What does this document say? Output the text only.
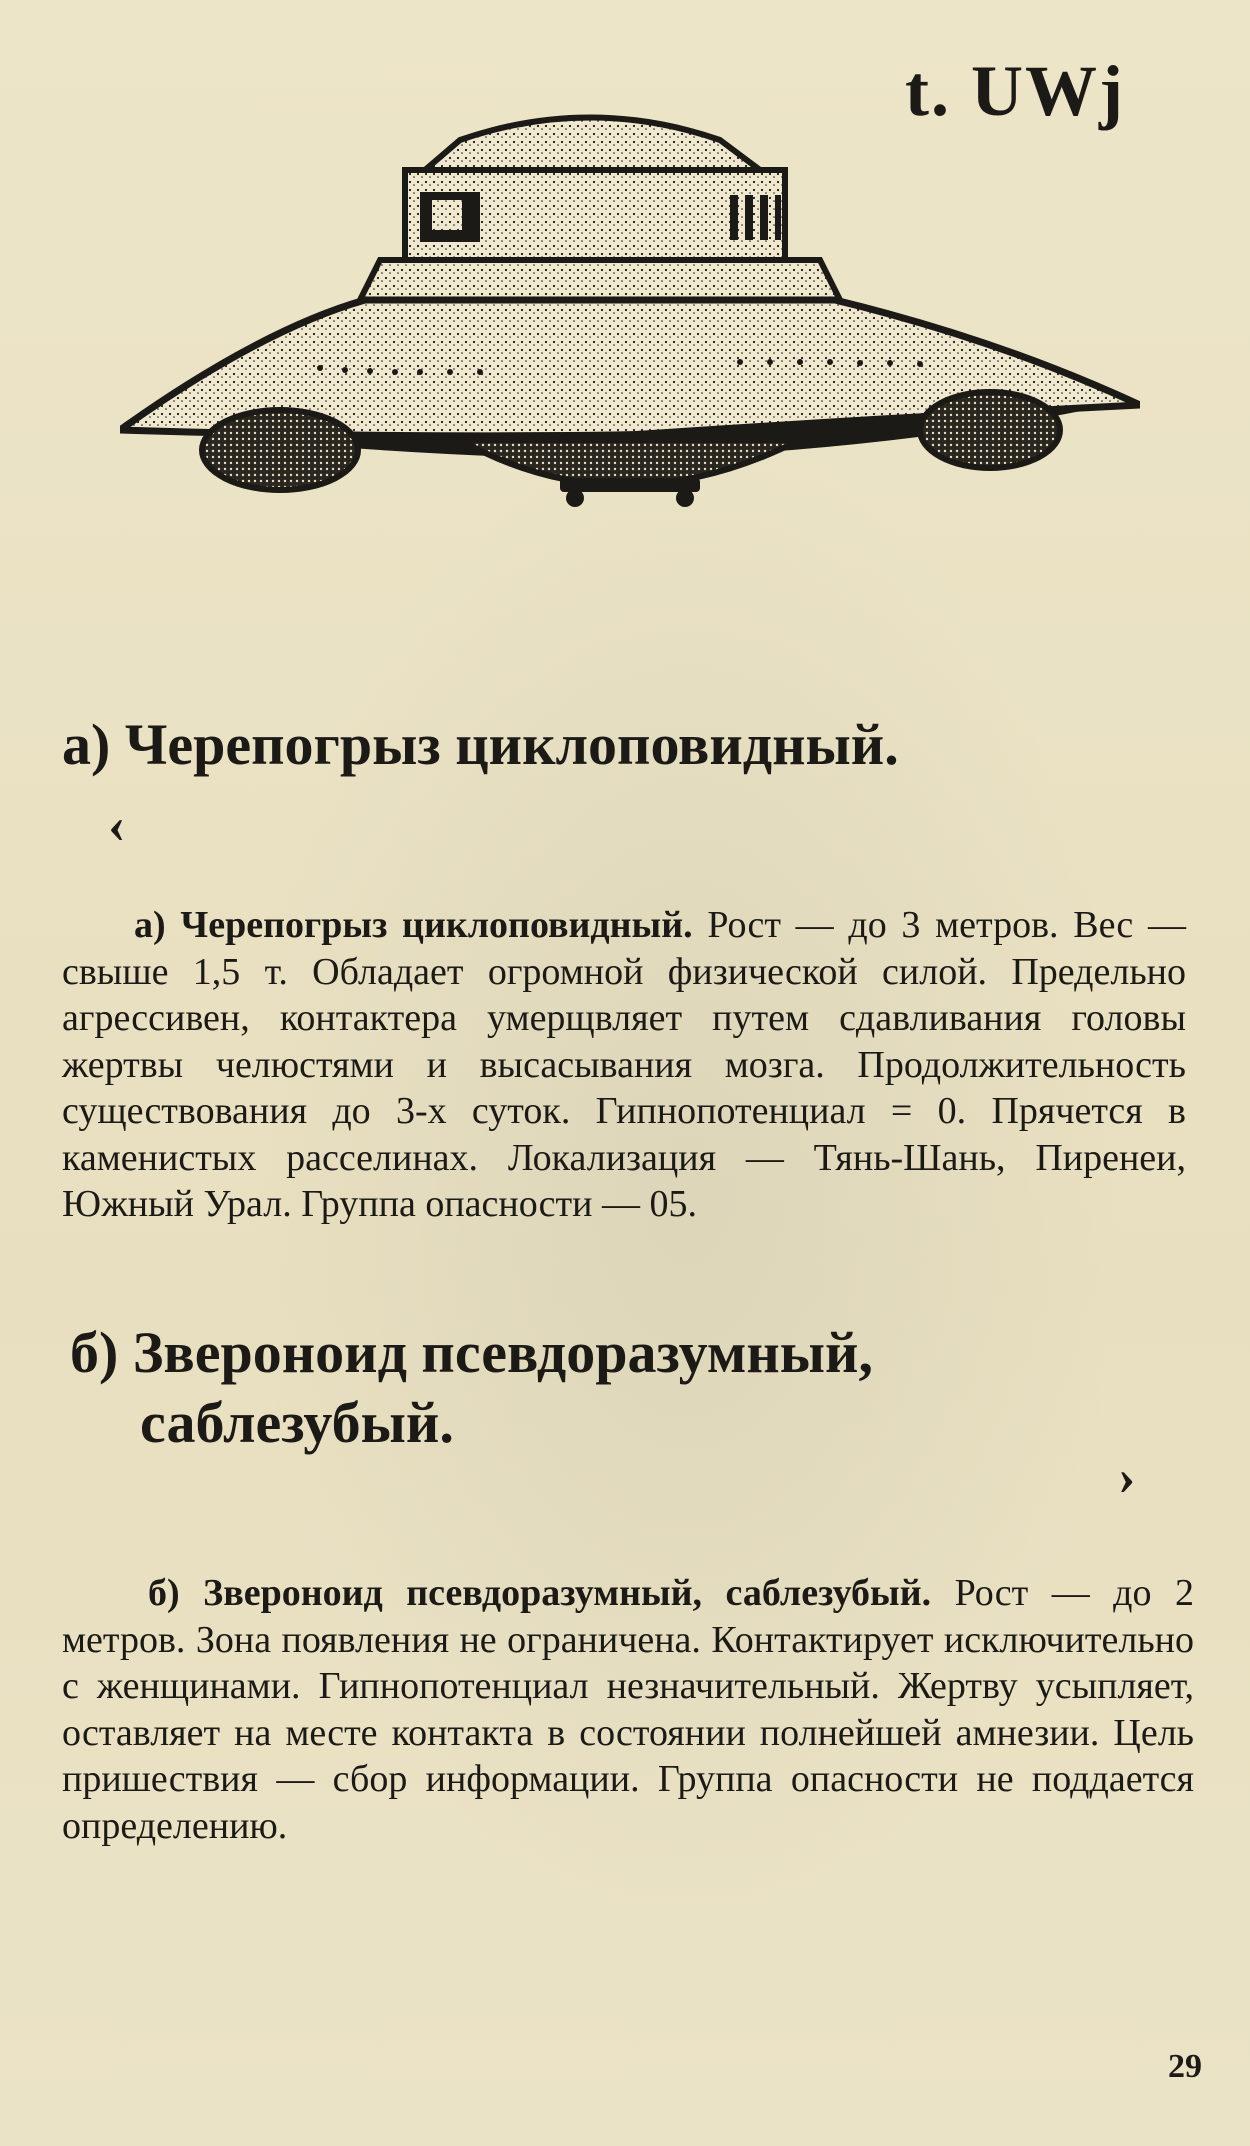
t. UWj
а) Черепогрыз циклоповидный.
‹

а) Черепогрыз циклоповидный. Рост — до 3 метров. Вес — свыше 1,5 т. Обладает огромной физической силой. Предельно агрессивен, контактера умерщвляет путем сдавливания головы жертвы челюстями и высасывания мозга. Продолжительность существования до 3-х суток. Гипнопотенциал = 0. Прячется в каменистых расселинах. Локализация — Тянь-Шань, Пиренеи, Южный Урал. Группа опасности — 05.

б) Звероноид псевдоразумный,
саблезубый.
›

б) Звероноид псевдоразумный, саблезубый. Рост — до 2 метров. Зона появления не ограничена. Контактирует исключительно с женщинами. Гипнопотенциал незначительный. Жертву усыпляет, оставляет на месте контакта в состоянии полнейшей амнезии. Цель пришествия — сбор информации. Группа опасности не поддается определению.

29
